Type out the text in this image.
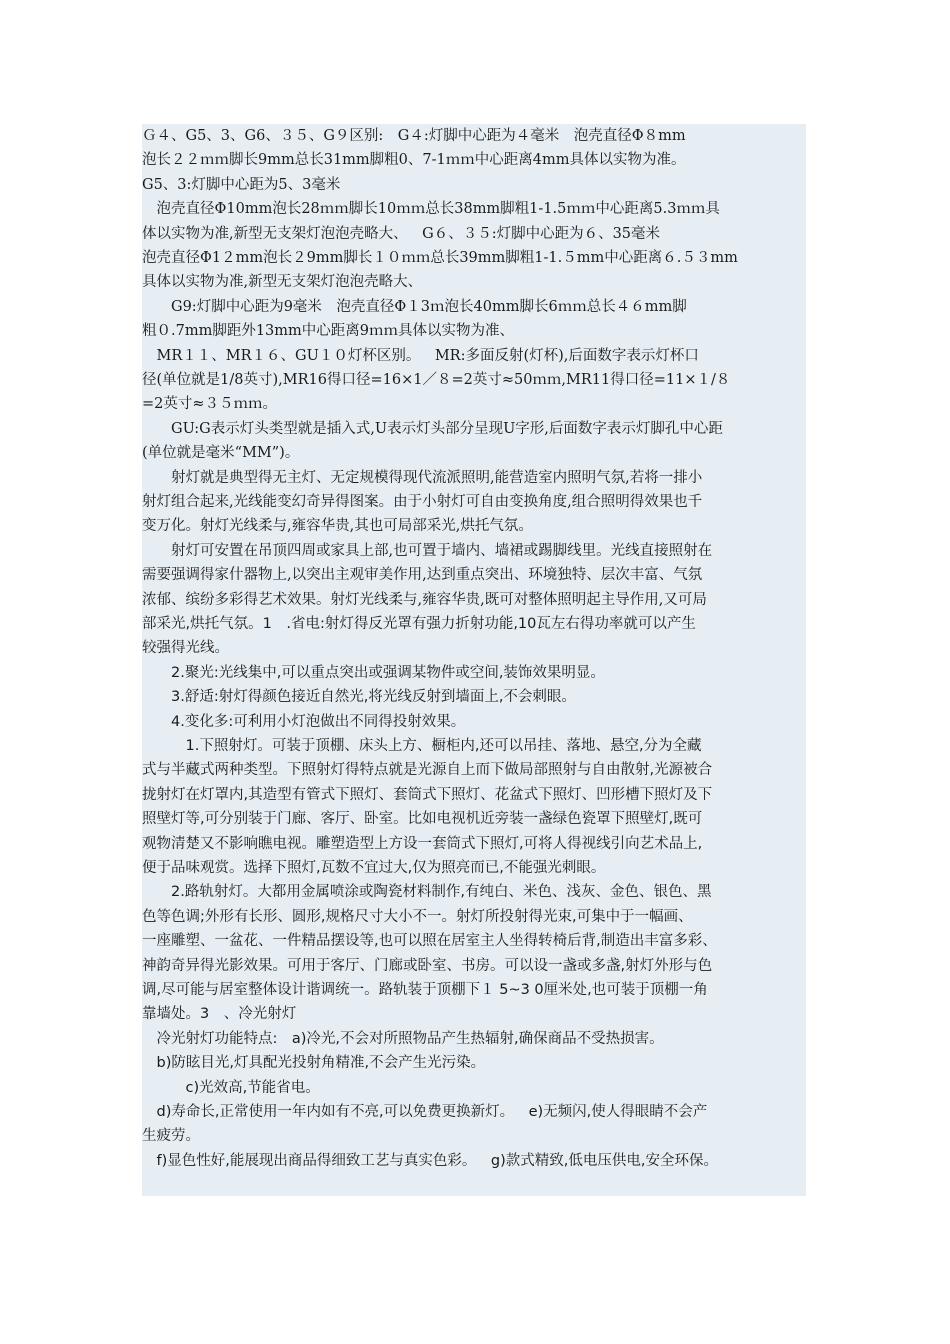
Ｇ４、G5、3、G6、３５、G９区别: G４:灯脚中心距为４毫米 泡壳直径Φ８mm
泡长２２ｍｍ脚长9mm总长31mm脚粗0、7-1ｍｍ中心距离4mm具体以实物为准。
G5、3:灯脚中心距为5、3毫米
 泡壳直径Φ10mm泡长28ｍｍ脚长10ｍｍ总长38mm脚粗1-1.5ｍｍ中心距离5.3ｍｍ具
体以实物为准,新型无支架灯泡泡壳略大、 G６、３５:灯脚中心距为６、35毫米
泡壳直径Φ1２mm泡长２9mm脚长１０ｍｍ总长39mm脚粗1-1.５mm中心距离６.５３mm
具体以实物为准,新型无支架灯泡泡壳略大、
  G9:灯脚中心距为9毫米 泡壳直径Φ１3ｍ泡长40mm脚长6ｍｍ总长４６mm脚
粗０.7mm脚距外13mm中心距离9ｍｍ具体以实物为准、
 MR１１、MR１６、GU１０灯杯区别。 MR:多面反射(灯杯),后面数字表示灯杯口
径(单位就是1/8英寸),MR16得口径=16×1／８=2英寸≈50ｍｍ,MR11得口径=11×１/８
=2英寸≈３５ｍｍ。
  GU:G表示灯头类型就是插入式,U表示灯头部分呈现U字形,后面数字表示灯脚孔中心距
(单位就是毫米“MM”)。
  射灯就是典型得无主灯、无定规模得现代流派照明,能营造室内照明气氛,若将一排小
射灯组合起来,光线能变幻奇异得图案。由于小射灯可自由变换角度,组合照明得效果也千
变万化。射灯光线柔与,雍容华贵,其也可局部采光,烘托气氛。
  射灯可安置在吊顶四周或家具上部,也可置于墙内、墙裙或踢脚线里。光线直接照射在
需要强调得家什器物上,以突出主观审美作用,达到重点突出、环境独特、层次丰富、气氛
浓郁、缤纷多彩得艺术效果。射灯光线柔与,雍容华贵,既可对整体照明起主导作用,又可局
部采光,烘托气氛。1 .省电:射灯得反光罩有强力折射功能,10瓦左右得功率就可以产生
较强得光线。
  2.聚光:光线集中,可以重点突出或强调某物件或空间,装饰效果明显。
  3.舒适:射灯得颜色接近自然光,将光线反射到墙面上,不会刺眼。
  4.变化多:可利用小灯泡做出不同得投射效果。
   1.下照射灯。可装于顶棚、床头上方、橱柜内,还可以吊挂、落地、悬空,分为全藏
式与半藏式两种类型。下照射灯得特点就是光源自上而下做局部照射与自由散射,光源被合
拢射灯在灯罩内,其造型有管式下照灯、套筒式下照灯、花盆式下照灯、凹形槽下照灯及下
照壁灯等,可分别装于门廊、客厅、卧室。比如电视机近旁装一盏绿色瓷罩下照壁灯,既可
观物清楚又不影响瞧电视。雕塑造型上方设一套筒式下照灯,可将人得视线引向艺术品上,
便于品味观赏。选择下照灯,瓦数不宜过大,仅为照亮而已,不能强光刺眼。
  2.路轨射灯。大都用金属喷涂或陶瓷材料制作,有纯白、米色、浅灰、金色、银色、黑
色等色调;外形有长形、圆形,规格尺寸大小不一。射灯所投射得光束,可集中于一幅画、
一座雕塑、一盆花、一件精品摆设等,也可以照在居室主人坐得转椅后背,制造出丰富多彩、
神韵奇异得光影效果。可用于客厅、门廊或卧室、书房。可以设一盏或多盏,射灯外形与色
调,尽可能与居室整体设计谐调统一。路轨装于顶棚下１ 5~3 0厘米处,也可装于顶棚一角
靠墙处。3 、冷光射灯
 冷光射灯功能特点: a)冷光,不会对所照物品产生热辐射,确保商品不受热损害。
 b)防眩目光,灯具配光投射角精准,不会产生光污染。
   c)光效高,节能省电。
 d)寿命长,正常使用一年内如有不亮,可以免费更换新灯。 e)无频闪,使人得眼睛不会产
生疲劳。
 f)显色性好,能展现出商品得细致工艺与真实色彩。 g)款式精致,低电压供电,安全环保。
